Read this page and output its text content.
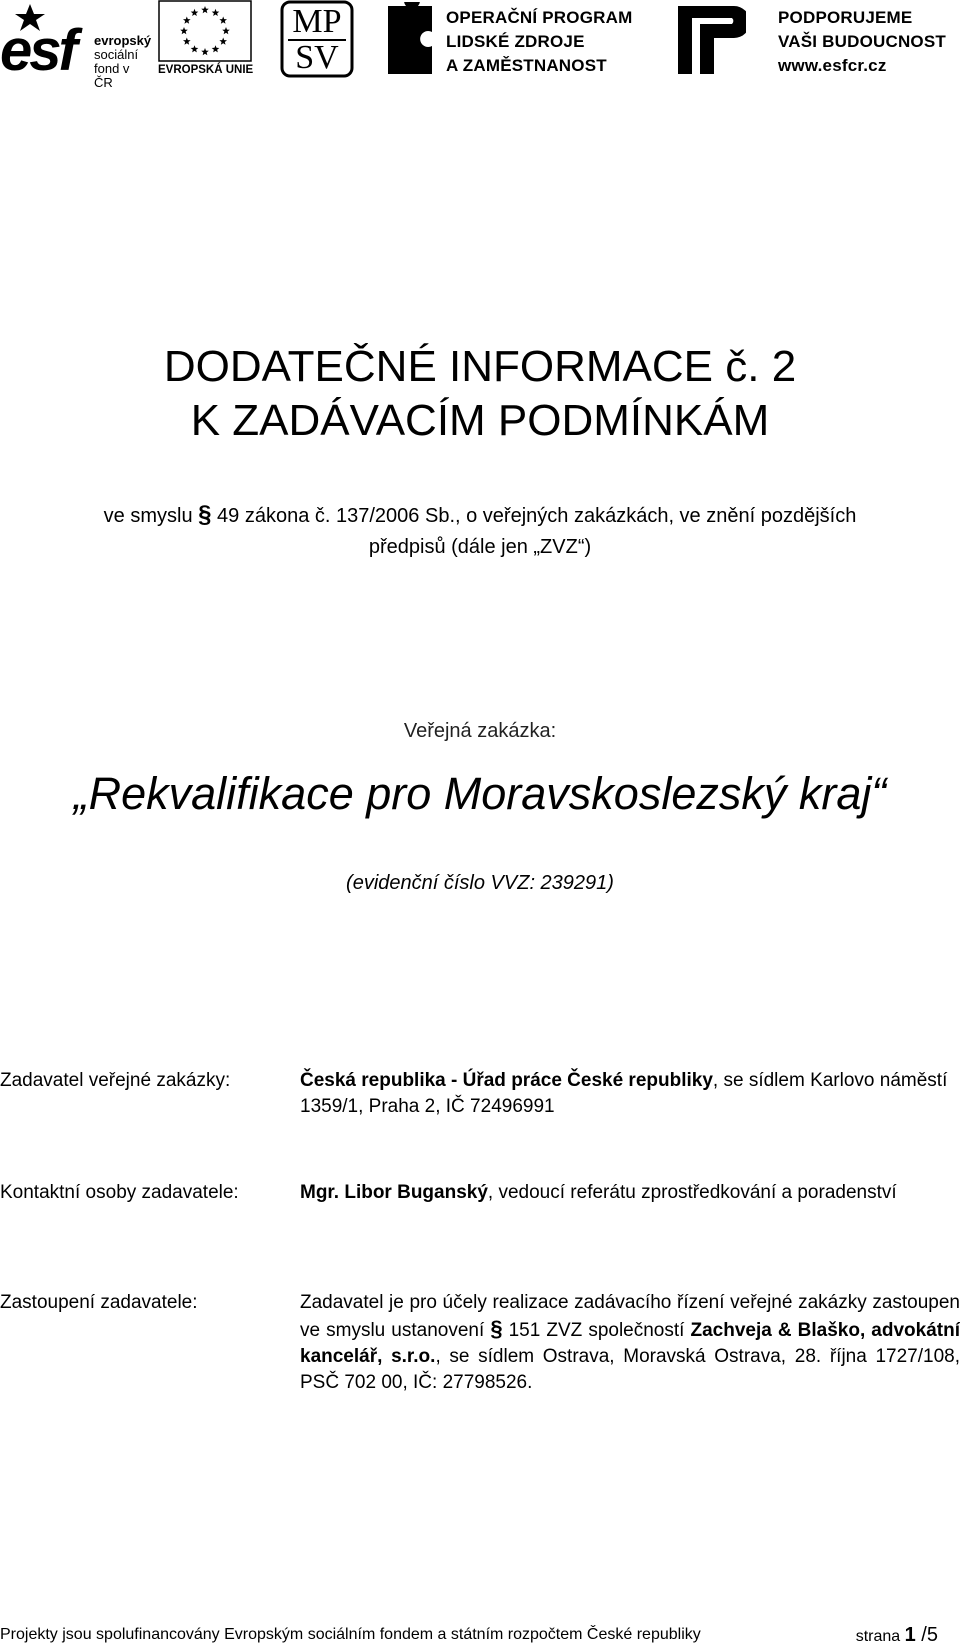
esf evropský
sociální
fond v ČR
EVROPSKÁ UNIE
MP
SV
OPERAČNÍ PROGRAM
LIDSKÉ ZDROJE
A ZAMĚSTNANOST
PODPORUJEME
VAŠI BUDOUCNOST
www.esfcr.cz
DODATEČNÉ INFORMACE č. 2
K ZADÁVACÍM PODMÍNKÁM
ve smyslu § 49 zákona č. 137/2006 Sb., o veřejných zakázkách, ve znění pozdějších
předpisů (dále jen „ZVZ“)
Veřejná zakázka:
„Rekvalifikace pro Moravskoslezský kraj“
(evidenční číslo VVZ: 239291)
Zadavatel veřejné zakázky:	Česká republika - Úřad práce České republiky, se sídlem Karlovo náměstí 1359/1, Praha 2, IČ 72496991
Kontaktní osoby zadavatele:	Mgr. Libor Buganský, vedoucí referátu zprostředkování a poradenství
Zastoupení zadavatele:	Zadavatel je pro účely realizace zadávacího řízení veřejné zakázky zastoupen ve smyslu ustanovení § 151 ZVZ společností Zachveja & Blaško, advokátní kancelář, s.r.o., se sídlem Ostrava, Moravská Ostrava, 28. října 1727/108, PSČ 702 00, IČ: 27798526.
Projekty jsou spolufinancovány Evropským sociálním fondem a státním rozpočtem České republiky	strana 1 /5
